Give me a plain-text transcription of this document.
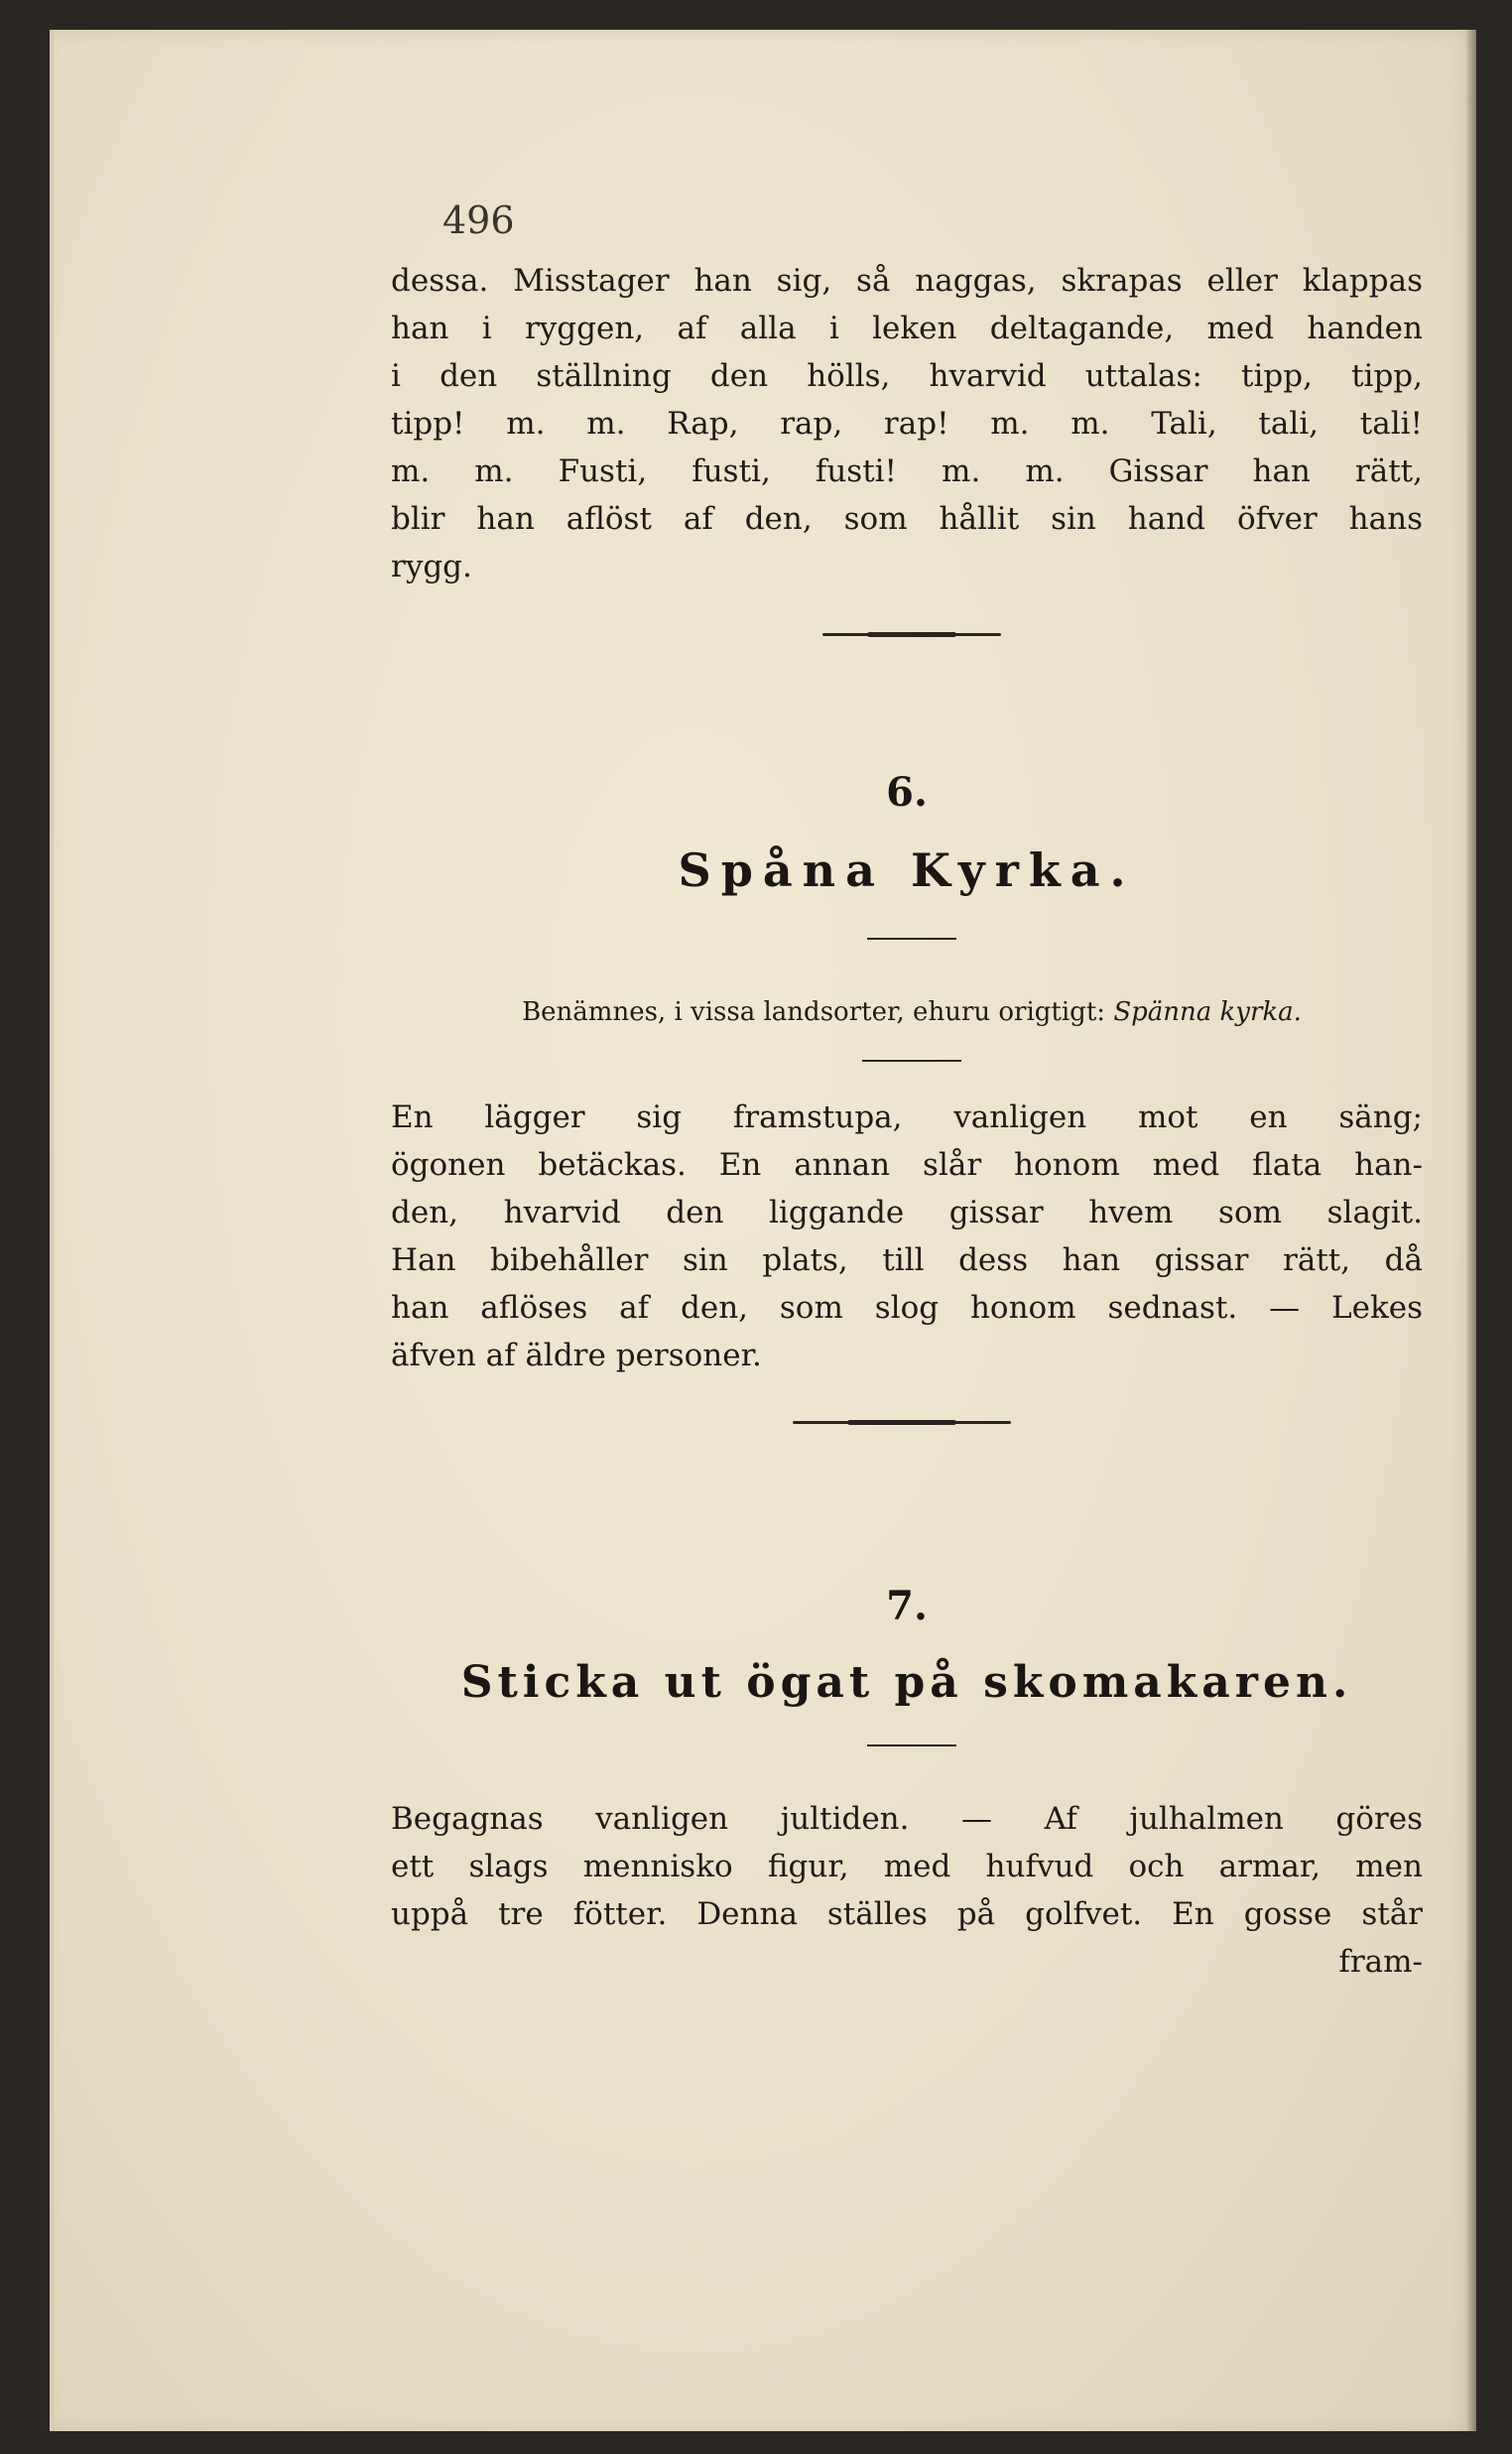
496

dessa. Misstager han sig, så naggas, skrapas eller klappas

han i ryggen, af alla i leken deltagande, med handen

i den ställning den hölls, hvarvid uttalas: tipp, tipp,

tipp! m. m. Rap, rap, rap! m. m. Tali, tali, tali!

m. m. Fusti, fusti, fusti! m. m. Gissar han rätt,

blir han aflöst af den, som hållit sin hand öfver hans

rygg.

6.
Spåna Kyrka.
Benämnes, i vissa landsorter, ehuru origtigt: Spänna kyrka.

En lägger sig framstupa, vanligen mot en säng;

ögonen betäckas. En annan slår honom med flata han-

den, hvarvid den liggande gissar hvem som slagit.

Han bibehåller sin plats, till dess han gissar rätt, då

han aflöses af den, som slog honom sednast. — Lekes

äfven af äldre personer.

7.
Sticka ut ögat på skomakaren.

Begagnas vanligen jultiden. — Af julhalmen göres

ett slags mennisko figur, med hufvud och armar, men

uppå tre fötter. Denna ställes på golfvet. En gosse står

fram-
